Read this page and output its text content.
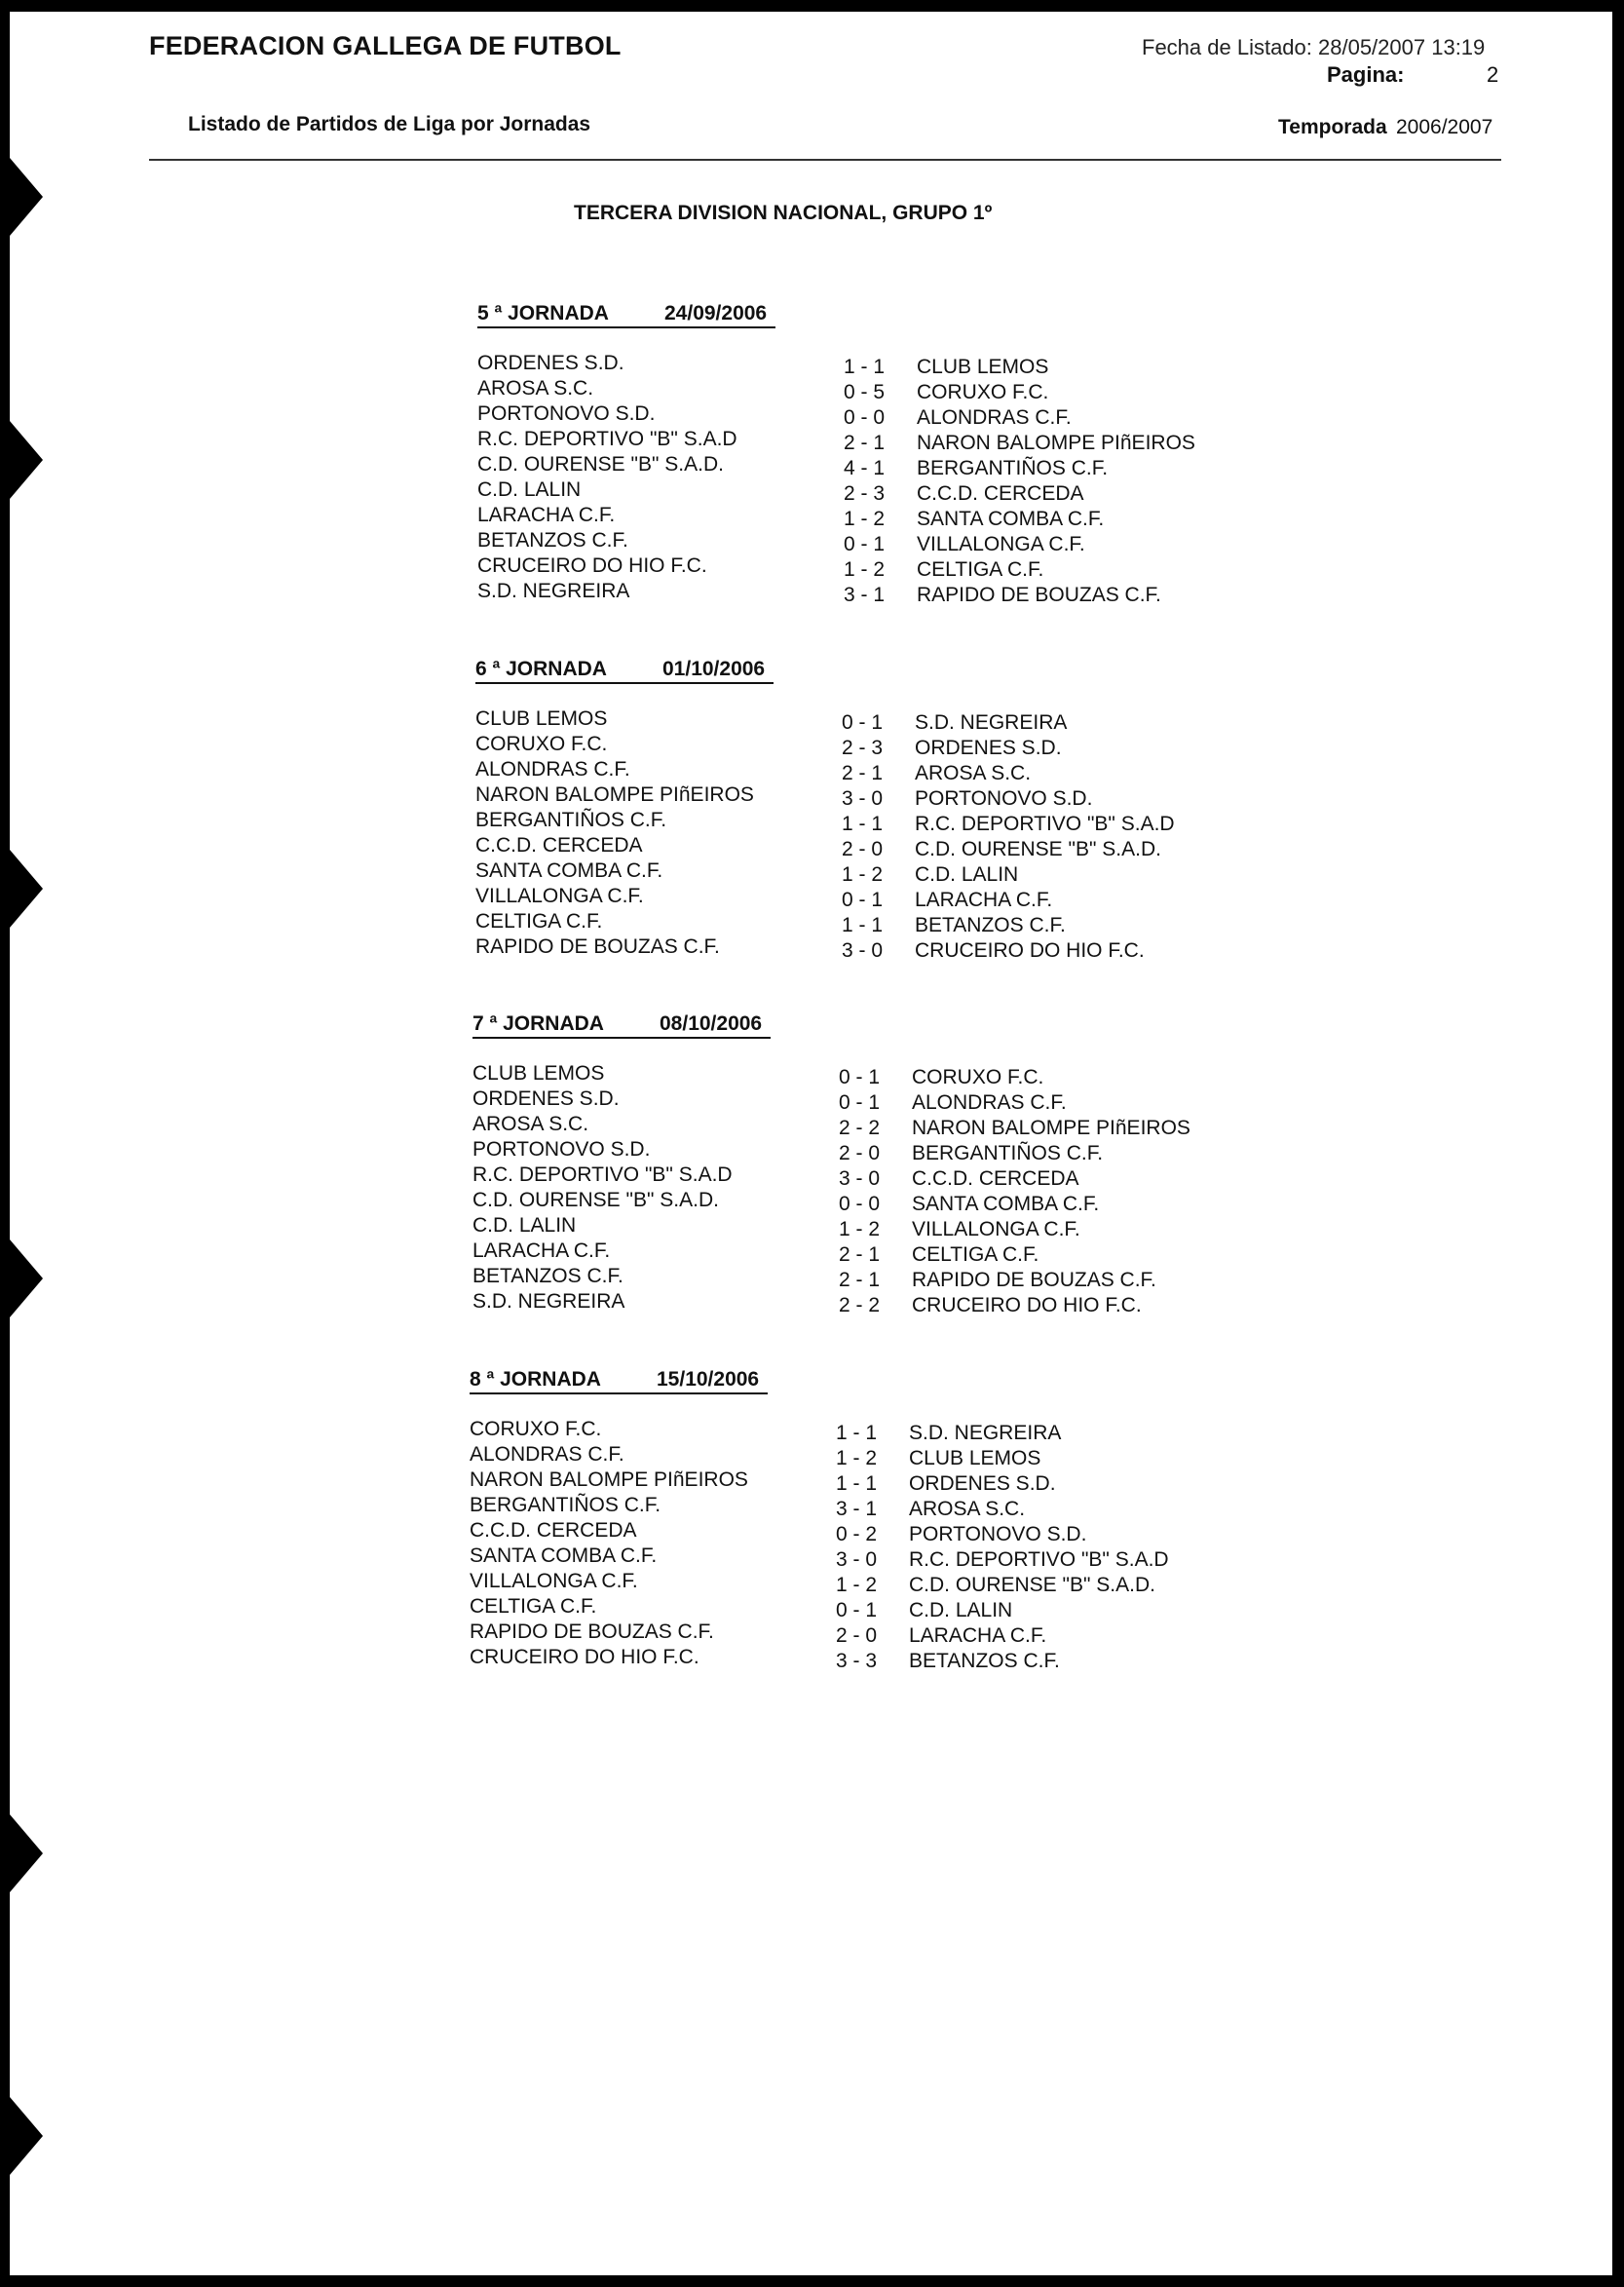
FEDERACION GALLEGA DE FUTBOL	Fecha de Listado: 28/05/2007 13:19
Pagina:	2
Listado de Partidos de Liga por Jornadas	Temporada 2006/2007
TERCERA DIVISION NACIONAL, GRUPO 1º
5 ª JORNADA	24/09/2006
ORDENES S.D.	1 - 1 CLUB LEMOS
AROSA S.C.	0 - 5 CORUXO F.C.
PORTONOVO S.D.	0 - 0 ALONDRAS C.F.
R.C. DEPORTIVO "B" S.A.D	2 - 1 NARON BALOMPE PIñEIROS
C.D. OURENSE "B" S.A.D.	4 - 1 BERGANTIÑOS C.F.
C.D. LALIN	2 - 3 C.C.D. CERCEDA
LARACHA C.F.	1 - 2 SANTA COMBA C.F.
BETANZOS C.F.	0 - 1 VILLALONGA C.F.
CRUCEIRO DO HIO F.C.	1 - 2 CELTIGA C.F.
S.D. NEGREIRA	3 - 1 RAPIDO DE BOUZAS C.F.
6 ª JORNADA	01/10/2006
CLUB LEMOS	0 - 1 S.D. NEGREIRA
CORUXO F.C.	2 - 3 ORDENES S.D.
ALONDRAS C.F.	2 - 1 AROSA S.C.
NARON BALOMPE PIñEIROS	3 - 0 PORTONOVO S.D.
BERGANTIÑOS C.F.	1 - 1 R.C. DEPORTIVO "B" S.A.D
C.C.D. CERCEDA	2 - 0 C.D. OURENSE "B" S.A.D.
SANTA COMBA C.F.	1 - 2 C.D. LALIN
VILLALONGA C.F.	0 - 1 LARACHA C.F.
CELTIGA C.F.	1 - 1 BETANZOS C.F.
RAPIDO DE BOUZAS C.F.	3 - 0 CRUCEIRO DO HIO F.C.
7 ª JORNADA	08/10/2006
CLUB LEMOS	0 - 1 CORUXO F.C.
ORDENES S.D.	0 - 1 ALONDRAS C.F.
AROSA S.C.	2 - 2 NARON BALOMPE PIñEIROS
PORTONOVO S.D.	2 - 0 BERGANTIÑOS C.F.
R.C. DEPORTIVO "B" S.A.D	3 - 0 C.C.D. CERCEDA
C.D. OURENSE "B" S.A.D.	0 - 0 SANTA COMBA C.F.
C.D. LALIN	1 - 2 VILLALONGA C.F.
LARACHA C.F.	2 - 1 CELTIGA C.F.
BETANZOS C.F.	2 - 1 RAPIDO DE BOUZAS C.F.
S.D. NEGREIRA	2 - 2 CRUCEIRO DO HIO F.C.
8 ª JORNADA	15/10/2006
CORUXO F.C.	1 - 1 S.D. NEGREIRA
ALONDRAS C.F.	1 - 2 CLUB LEMOS
NARON BALOMPE PIñEIROS	1 - 1 ORDENES S.D.
BERGANTIÑOS C.F.	3 - 1 AROSA S.C.
C.C.D. CERCEDA	0 - 2 PORTONOVO S.D.
SANTA COMBA C.F.	3 - 0 R.C. DEPORTIVO "B" S.A.D
VILLALONGA C.F.	1 - 2 C.D. OURENSE "B" S.A.D.
CELTIGA C.F.	0 - 1 C.D. LALIN
RAPIDO DE BOUZAS C.F.	2 - 0 LARACHA C.F.
CRUCEIRO DO HIO F.C.	3 - 3 BETANZOS C.F.
